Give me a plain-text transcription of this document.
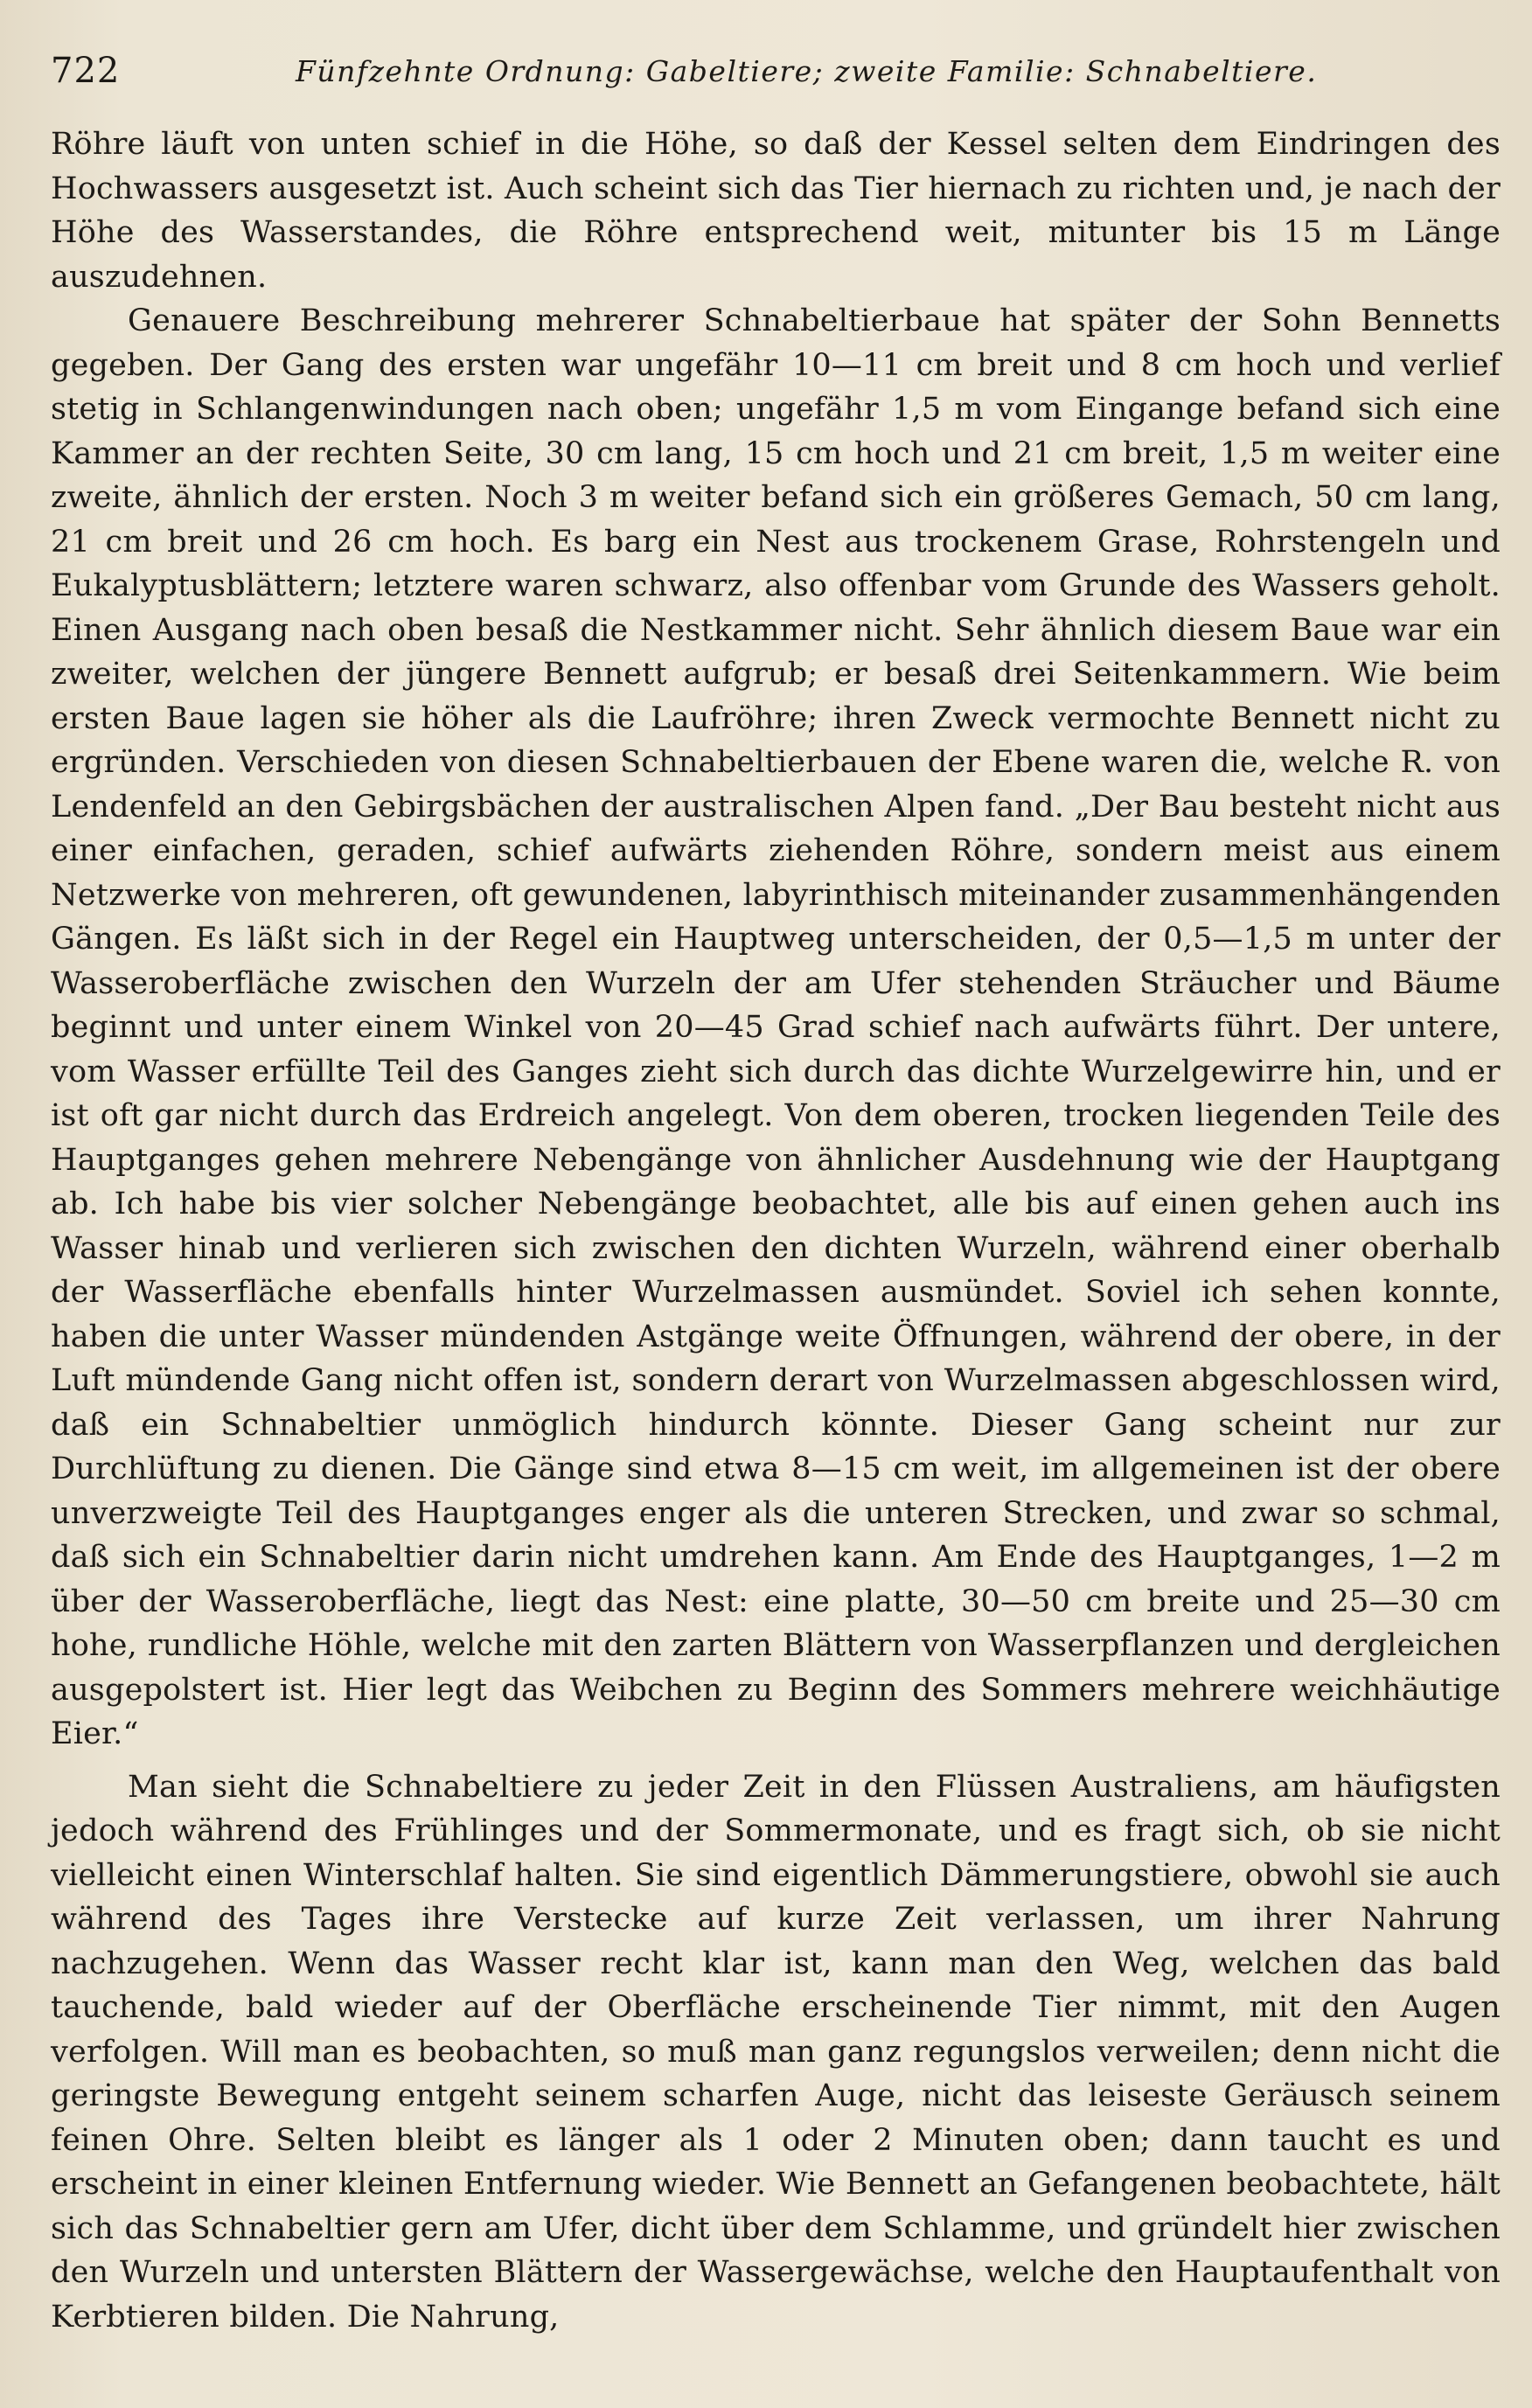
722	Fünfzehnte Ordnung: Gabeltiere; zweite Familie: Schnabeltiere.

Röhre läuft von unten schief in die Höhe, so daß der Kessel selten dem Eindringen des Hochwassers ausgesetzt ist. Auch scheint sich das Tier hiernach zu richten und, je nach der Höhe des Wasserstandes, die Röhre entsprechend weit, mitunter bis 15 m Länge auszudehnen.

Genauere Beschreibung mehrerer Schnabeltierbaue hat später der Sohn Bennetts gegeben. Der Gang des ersten war ungefähr 10—11 cm breit und 8 cm hoch und verlief stetig in Schlangenwindungen nach oben; ungefähr 1,5 m vom Eingange befand sich eine Kammer an der rechten Seite, 30 cm lang, 15 cm hoch und 21 cm breit, 1,5 m weiter eine zweite, ähnlich der ersten. Noch 3 m weiter befand sich ein größeres Gemach, 50 cm lang, 21 cm breit und 26 cm hoch. Es barg ein Nest aus trockenem Grase, Rohrstengeln und Eukalyptusblättern; letztere waren schwarz, also offenbar vom Grunde des Wassers geholt. Einen Ausgang nach oben besaß die Nestkammer nicht. Sehr ähnlich diesem Baue war ein zweiter, welchen der jüngere Bennett aufgrub; er besaß drei Seitenkammern. Wie beim ersten Baue lagen sie höher als die Laufröhre; ihren Zweck vermochte Bennett nicht zu ergründen. Verschieden von diesen Schnabeltierbauen der Ebene waren die, welche R. von Lendenfeld an den Gebirgsbächen der australischen Alpen fand. „Der Bau besteht nicht aus einer einfachen, geraden, schief aufwärts ziehenden Röhre, sondern meist aus einem Netzwerke von mehreren, oft gewundenen, labyrinthisch miteinander zusammenhängenden Gängen. Es läßt sich in der Regel ein Hauptweg unterscheiden, der 0,5—1,5 m unter der Wasseroberfläche zwischen den Wurzeln der am Ufer stehenden Sträucher und Bäume beginnt und unter einem Winkel von 20—45 Grad schief nach aufwärts führt. Der untere, vom Wasser erfüllte Teil des Ganges zieht sich durch das dichte Wurzelgewirre hin, und er ist oft gar nicht durch das Erdreich angelegt. Von dem oberen, trocken liegenden Teile des Hauptganges gehen mehrere Nebengänge von ähnlicher Ausdehnung wie der Hauptgang ab. Ich habe bis vier solcher Nebengänge beobachtet, alle bis auf einen gehen auch ins Wasser hinab und verlieren sich zwischen den dichten Wurzeln, während einer oberhalb der Wasserfläche ebenfalls hinter Wurzelmassen ausmündet. Soviel ich sehen konnte, haben die unter Wasser mündenden Astgänge weite Öffnungen, während der obere, in der Luft mündende Gang nicht offen ist, sondern derart von Wurzelmassen abgeschlossen wird, daß ein Schnabeltier unmöglich hindurch könnte. Dieser Gang scheint nur zur Durchlüftung zu dienen. Die Gänge sind etwa 8—15 cm weit, im allgemeinen ist der obere unverzweigte Teil des Hauptganges enger als die unteren Strecken, und zwar so schmal, daß sich ein Schnabeltier darin nicht umdrehen kann. Am Ende des Hauptganges, 1—2 m über der Wasseroberfläche, liegt das Nest: eine platte, 30—50 cm breite und 25—30 cm hohe, rundliche Höhle, welche mit den zarten Blättern von Wasserpflanzen und dergleichen ausgepolstert ist. Hier legt das Weibchen zu Beginn des Sommers mehrere weichhäutige Eier.“

Man sieht die Schnabeltiere zu jeder Zeit in den Flüssen Australiens, am häufigsten jedoch während des Frühlinges und der Sommermonate, und es fragt sich, ob sie nicht vielleicht einen Winterschlaf halten. Sie sind eigentlich Dämmerungstiere, obwohl sie auch während des Tages ihre Verstecke auf kurze Zeit verlassen, um ihrer Nahrung nachzugehen. Wenn das Wasser recht klar ist, kann man den Weg, welchen das bald tauchende, bald wieder auf der Oberfläche erscheinende Tier nimmt, mit den Augen verfolgen. Will man es beobachten, so muß man ganz regungslos verweilen; denn nicht die geringste Bewegung entgeht seinem scharfen Auge, nicht das leiseste Geräusch seinem feinen Ohre. Selten bleibt es länger als 1 oder 2 Minuten oben; dann taucht es und erscheint in einer kleinen Entfernung wieder. Wie Bennett an Gefangenen beobachtete, hält sich das Schnabeltier gern am Ufer, dicht über dem Schlamme, und gründelt hier zwischen den Wurzeln und untersten Blättern der Wassergewächse, welche den Hauptaufenthalt von Kerbtieren bilden. Die Nahrung,
